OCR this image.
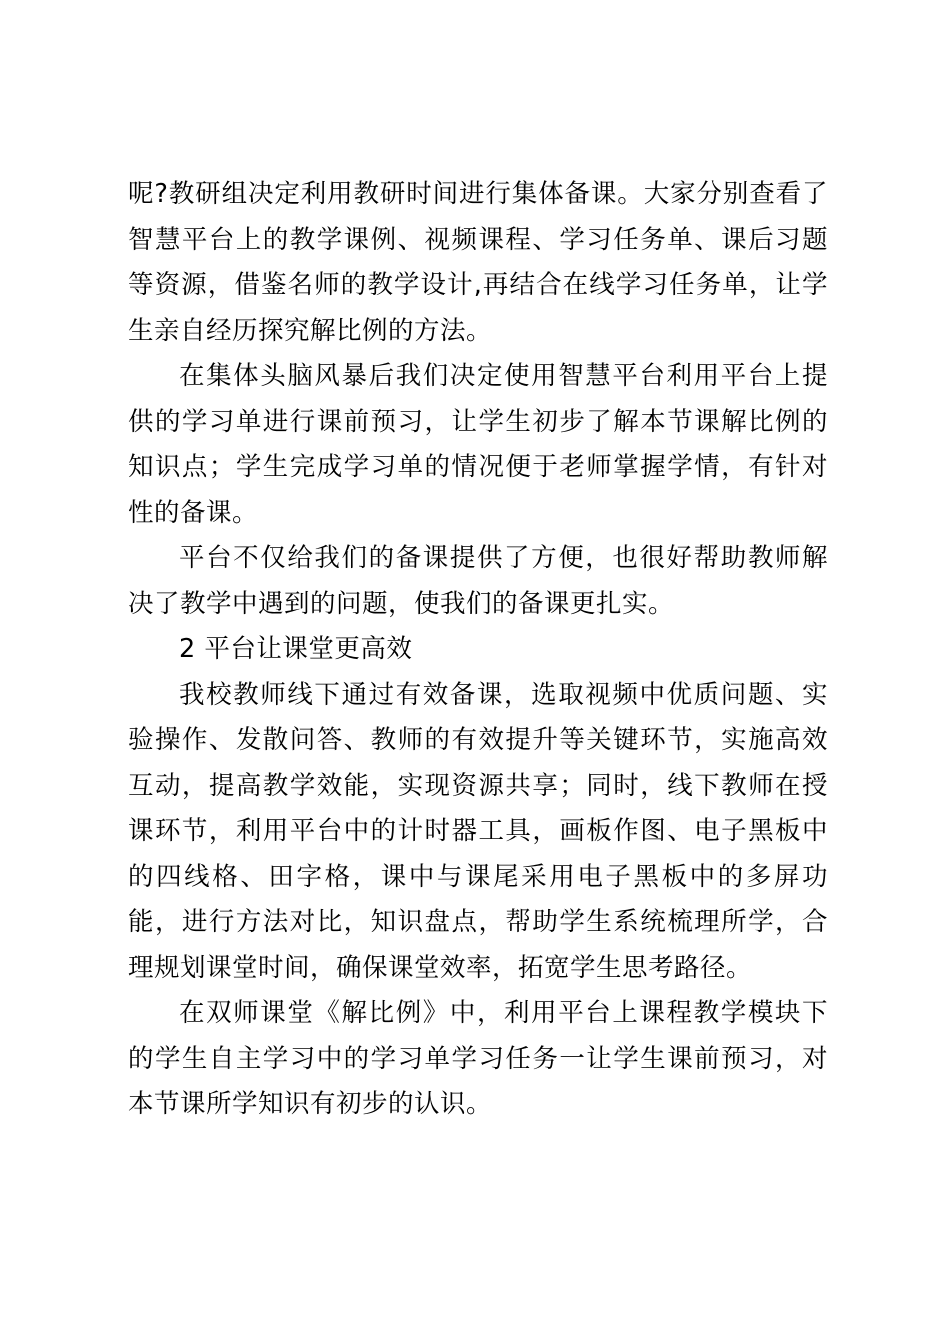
呢?教研组决定利用教研时间进行集体备课。大家分别查看了智慧平台上的教学课例、视频课程、学习任务单、课后习题等资源，借鉴名师的教学设计,再结合在线学习任务单，让学生亲自经历探究解比例的方法。

在集体头脑风暴后我们决定使用智慧平台利用平台上提供的学习单进行课前预习，让学生初步了解本节课解比例的知识点；学生完成学习单的情况便于老师掌握学情，有针对性的备课。

平台不仅给我们的备课提供了方便，也很好帮助教师解决了教学中遇到的问题，使我们的备课更扎实。

2 平台让课堂更高效

我校教师线下通过有效备课，选取视频中优质问题、实验操作、发散问答、教师的有效提升等关键环节，实施高效互动，提高教学效能，实现资源共享；同时，线下教师在授课环节，利用平台中的计时器工具，画板作图、电子黑板中的四线格、田字格，课中与课尾采用电子黑板中的多屏功能，进行方法对比，知识盘点，帮助学生系统梳理所学，合理规划课堂时间，确保课堂效率，拓宽学生思考路径。

在双师课堂《解比例》中，利用平台上课程教学模块下的学生自主学习中的学习单学习任务一让学生课前预习，对本节课所学知识有初步的认识。
